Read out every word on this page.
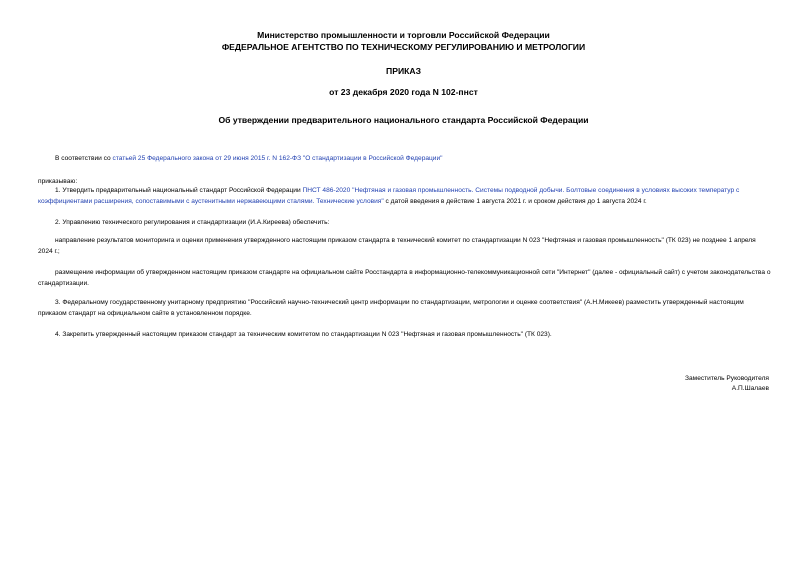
Министерство промышленности и торговли Российской Федерации
ФЕДЕРАЛЬНОЕ АГЕНТСТВО ПО ТЕХНИЧЕСКОМУ РЕГУЛИРОВАНИЮ И МЕТРОЛОГИИ
ПРИКАЗ
от 23 декабря 2020 года N 102-пнст
Об утверждении предварительного национального стандарта Российской Федерации
В соответствии со статьей 25 Федерального закона от 29 июня 2015 г. N 162-ФЗ "О стандартизации в Российской Федерации"
приказываю:
1. Утвердить предварительный национальный стандарт Российской Федерации ПНСТ 486-2020 "Нефтяная и газовая промышленность. Системы подводной добычи. Болтовые соединения в условиях высоких температур с коэффициентами расширения, сопоставимыми с аустенитными нержавеющими сталями. Технические условия" с датой введения в действие 1 августа 2021 г. и сроком действия до 1 августа 2024 г.
2. Управлению технического регулирования и стандартизации (И.А.Киреева) обеспечить:
направление результатов мониторинга и оценки применения утвержденного настоящим приказом стандарта в технический комитет по стандартизации N 023 "Нефтяная и газовая промышленность" (ТК 023) не позднее 1 апреля 2024 г.;
размещение информации об утвержденном настоящим приказом стандарте на официальном сайте Росстандарта в информационно-телекоммуникационной сети "Интернет" (далее - официальный сайт) с учетом законодательства о стандартизации.
3. Федеральному государственному унитарному предприятию "Российский научно-технический центр информации по стандартизации, метрологии и оценке соответствия" (А.Н.Микеев) разместить утвержденный настоящим приказом стандарт на официальном сайте в установленном порядке.
4. Закрепить утвержденный настоящим приказом стандарт за техническим комитетом по стандартизации N 023 "Нефтяная и газовая промышленность" (ТК 023).
Заместитель Руководителя
А.П.Шалаев
